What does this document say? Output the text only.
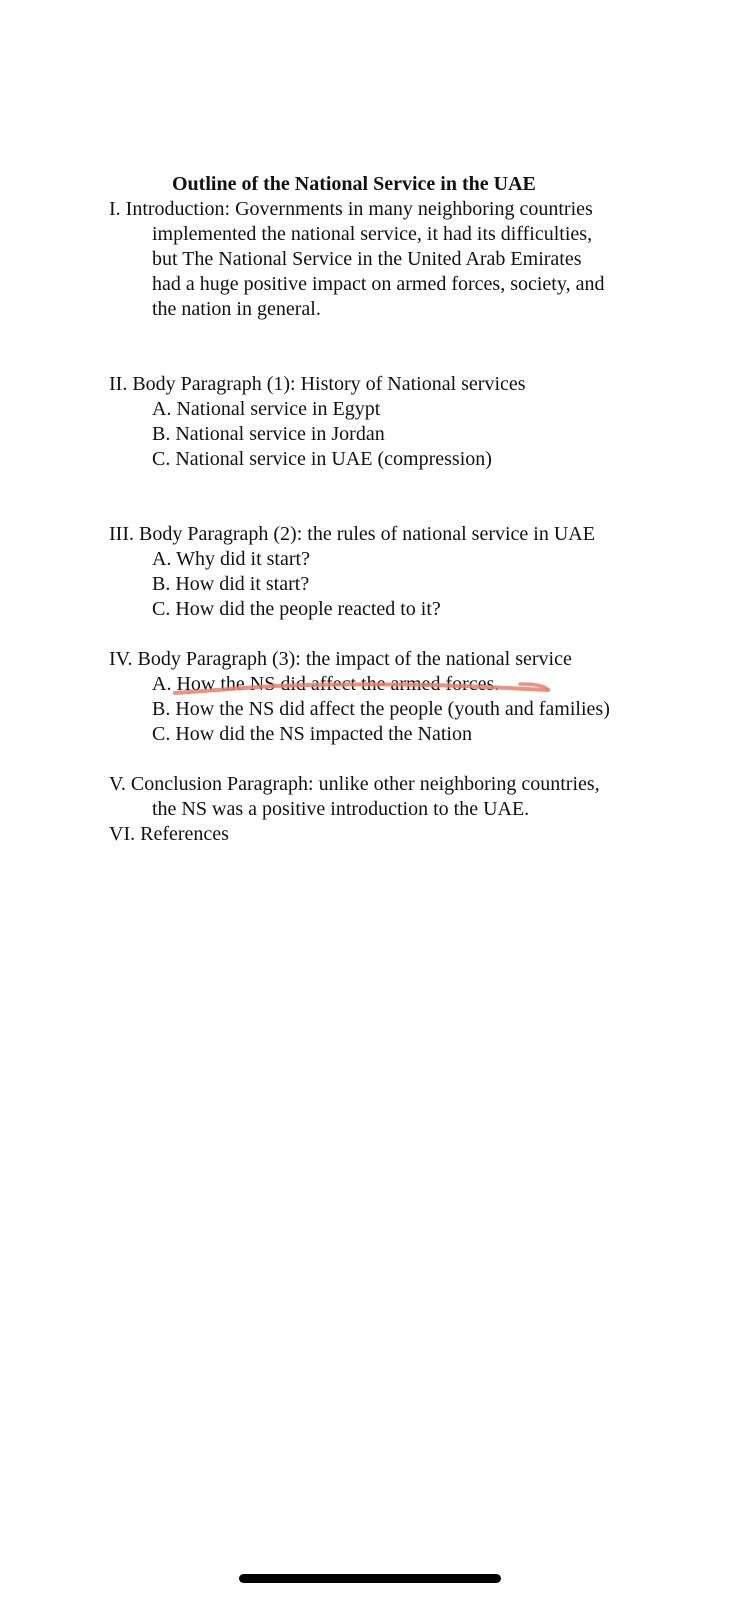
Outline of the National Service in the UAE
I. Introduction: Governments in many neighboring countries
implemented the national service, it had its difficulties,
but The National Service in the United Arab Emirates
had a huge positive impact on armed forces, society, and
the nation in general.
II. Body Paragraph (1): History of National services
A. National service in Egypt
B. National service in Jordan
C. National service in UAE (compression)
III. Body Paragraph (2): the rules of national service in UAE
A. Why did it start?
B. How did it start?
C. How did the people reacted to it?
IV. Body Paragraph (3): the impact of the national service
A. How the NS did affect the armed forces.
B. How the NS did affect the people (youth and families)
C. How did the NS impacted the Nation
V. Conclusion Paragraph: unlike other neighboring countries,
the NS was a positive introduction to the UAE.
VI. References
